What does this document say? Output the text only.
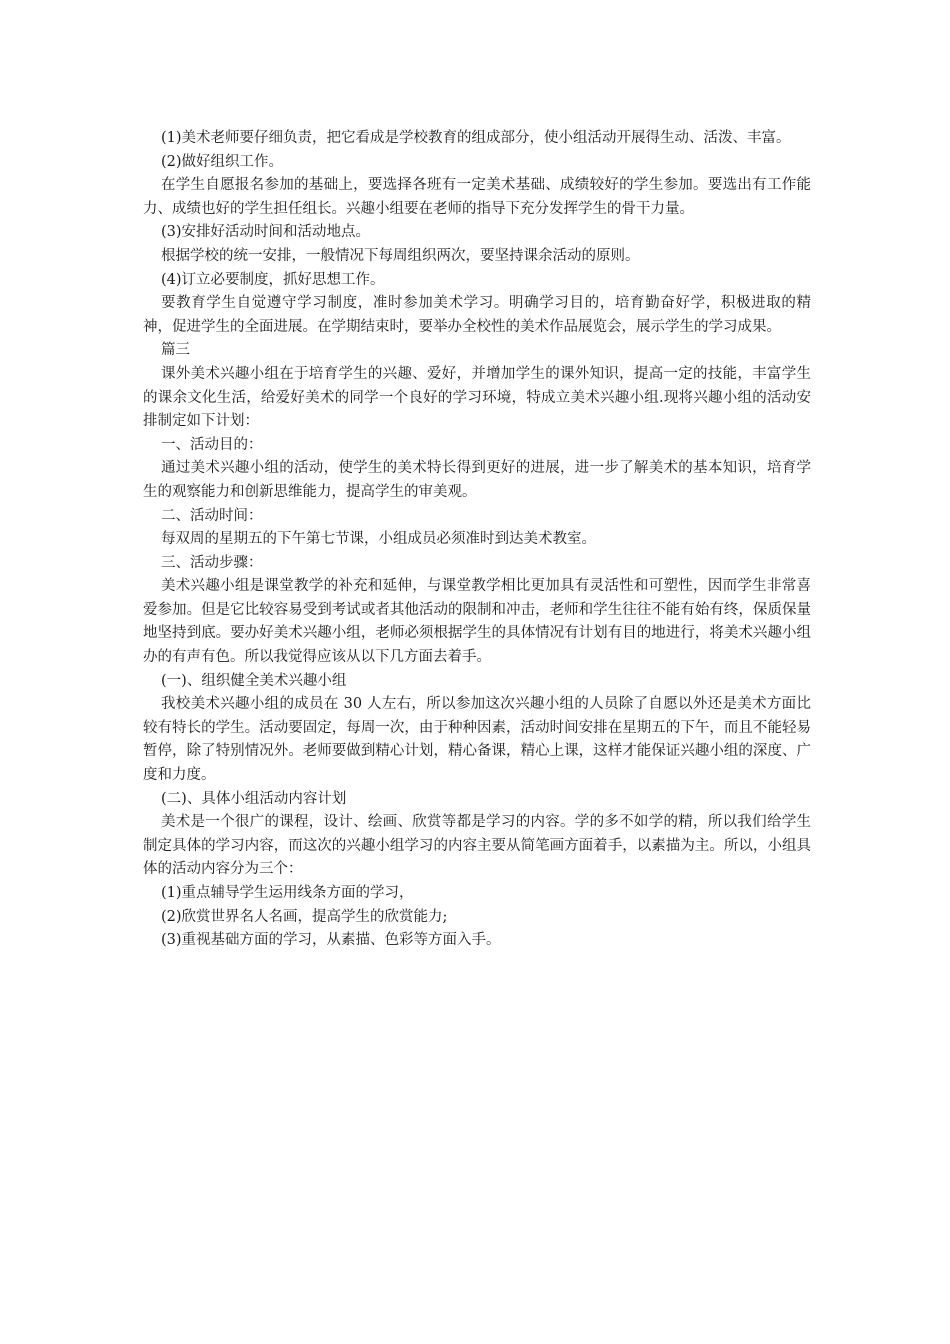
(1)美术老师要仔细负责，把它看成是学校教育的组成部分，使小组活动开展得生动、活泼、丰富。

(2)做好组织工作。

在学生自愿报名参加的基础上，要选择各班有一定美术基础、成绩较好的学生参加。要选出有工作能力、成绩也好的学生担任组长。兴趣小组要在老师的指导下充分发挥学生的骨干力量。

(3)安排好活动时间和活动地点。

根据学校的统一安排，一般情况下每周组织两次，要坚持课余活动的原则。

(4)订立必要制度，抓好思想工作。

要教育学生自觉遵守学习制度，准时参加美术学习。明确学习目的，培育勤奋好学，积极进取的精神，促进学生的全面进展。在学期结束时，要举办全校性的美术作品展览会，展示学生的学习成果。

篇三

课外美术兴趣小组在于培育学生的兴趣、爱好，并增加学生的课外知识，提高一定的技能，丰富学生的课余文化生活，给爱好美术的同学一个良好的学习环境，特成立美术兴趣小组.现将兴趣小组的活动安排制定如下计划：

一、活动目的：

通过美术兴趣小组的活动，使学生的美术特长得到更好的进展，进一步了解美术的基本知识，培育学生的观察能力和创新思维能力，提高学生的审美观。

二、活动时间：

每双周的星期五的下午第七节课，小组成员必须准时到达美术教室。

三、活动步骤：

美术兴趣小组是课堂教学的补充和延伸，与课堂教学相比更加具有灵活性和可塑性，因而学生非常喜爱参加。但是它比较容易受到考试或者其他活动的限制和冲击，老师和学生往往不能有始有终，保质保量地坚持到底。要办好美术兴趣小组，老师必须根据学生的具体情况有计划有目的地进行，将美术兴趣小组办的有声有色。所以我觉得应该从以下几方面去着手。

(一)、组织健全美术兴趣小组

我校美术兴趣小组的成员在 30 人左右，所以参加这次兴趣小组的人员除了自愿以外还是美术方面比较有特长的学生。活动要固定，每周一次，由于种种因素，活动时间安排在星期五的下午，而且不能轻易暂停，除了特别情况外。老师要做到精心计划，精心备课，精心上课，这样才能保证兴趣小组的深度、广度和力度。

(二)、具体小组活动内容计划

美术是一个很广的课程，设计、绘画、欣赏等都是学习的内容。学的多不如学的精，所以我们给学生制定具体的学习内容，而这次的兴趣小组学习的内容主要从简笔画方面着手，以素描为主。所以，小组具体的活动内容分为三个：

(1)重点辅导学生运用线条方面的学习，

(2)欣赏世界名人名画，提高学生的欣赏能力;

(3)重视基础方面的学习，从素描、色彩等方面入手。
